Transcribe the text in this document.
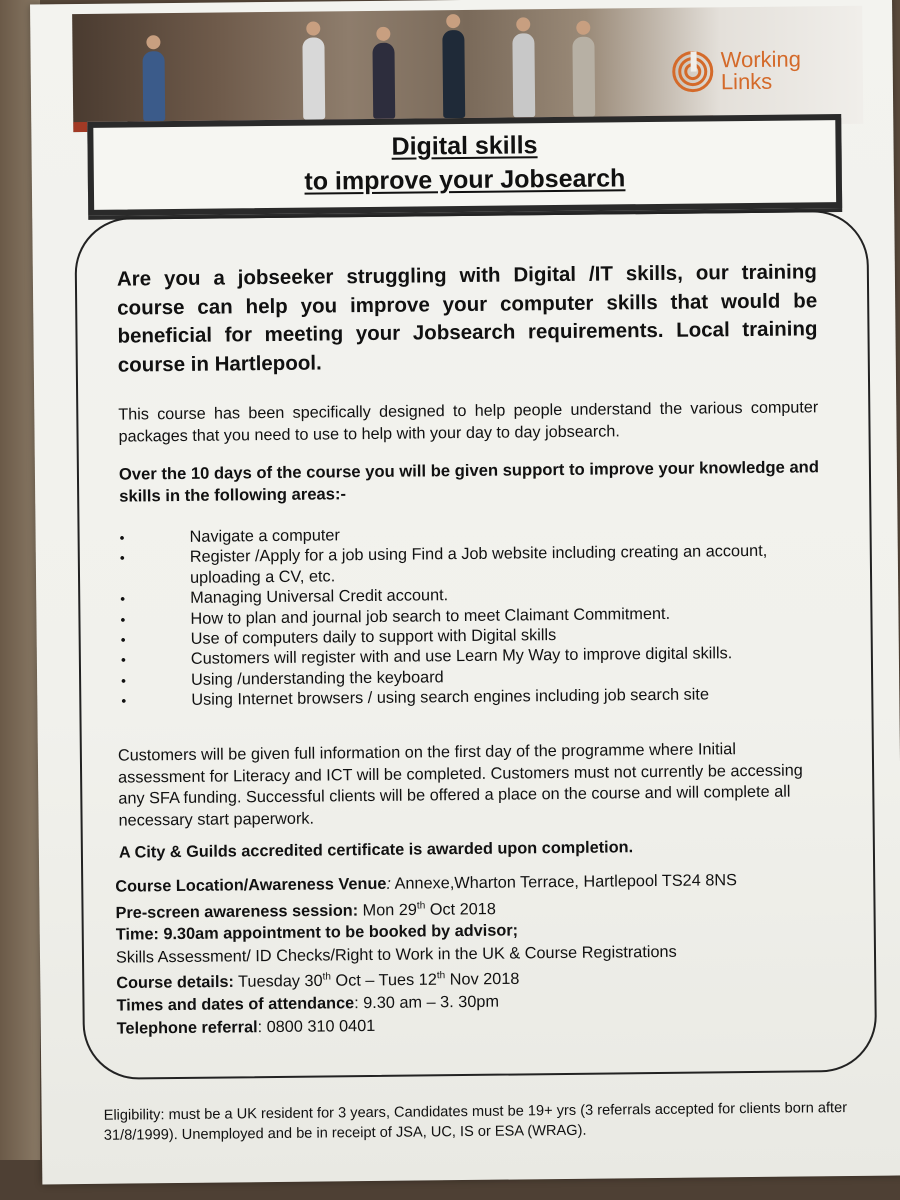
Working
Links
Digital skills
to improve your Jobsearch
Are you a jobseeker struggling with Digital /IT skills, our training course can help you improve your computer skills that would be beneficial for meeting your Jobsearch requirements. Local training course in Hartlepool.
This course has been specifically designed to help people understand the various computer packages that you need to use to help with your day to day jobsearch.
Over the 10 days of the course you will be given support to improve your knowledge and skills in the following areas:-
•	Navigate a computer
•	Register /Apply for a job using Find a Job website including creating an account, uploading a CV, etc.
•	Managing Universal Credit account.
•	How to plan and journal job search to meet Claimant Commitment.
•	Use of computers daily to support with Digital skills
•	Customers will register with and use Learn My Way to improve digital skills.
•	Using /understanding the keyboard
•	Using Internet browsers / using search engines including job search site
Customers will be given full information on the first day of the programme where Initial assessment for Literacy and ICT will be completed. Customers must not currently be accessing any SFA funding. Successful clients will be offered a place on the course and will complete all necessary start paperwork.
A City & Guilds accredited certificate is awarded upon completion.
Course Location/Awareness Venue: Annexe,Wharton Terrace, Hartlepool TS24 8NS
Pre-screen awareness session: Mon 29th Oct 2018
Time: 9.30am appointment to be booked by advisor;
Skills Assessment/ ID Checks/Right to Work in the UK & Course Registrations
Course details: Tuesday 30th Oct – Tues 12th Nov 2018
Times and dates of attendance: 9.30 am – 3. 30pm
Telephone referral: 0800 310 0401
Eligibility: must be a UK resident for 3 years, Candidates must be 19+ yrs (3 referrals accepted for clients born after 31/8/1999). Unemployed and be in receipt of JSA, UC, IS or ESA (WRAG).
